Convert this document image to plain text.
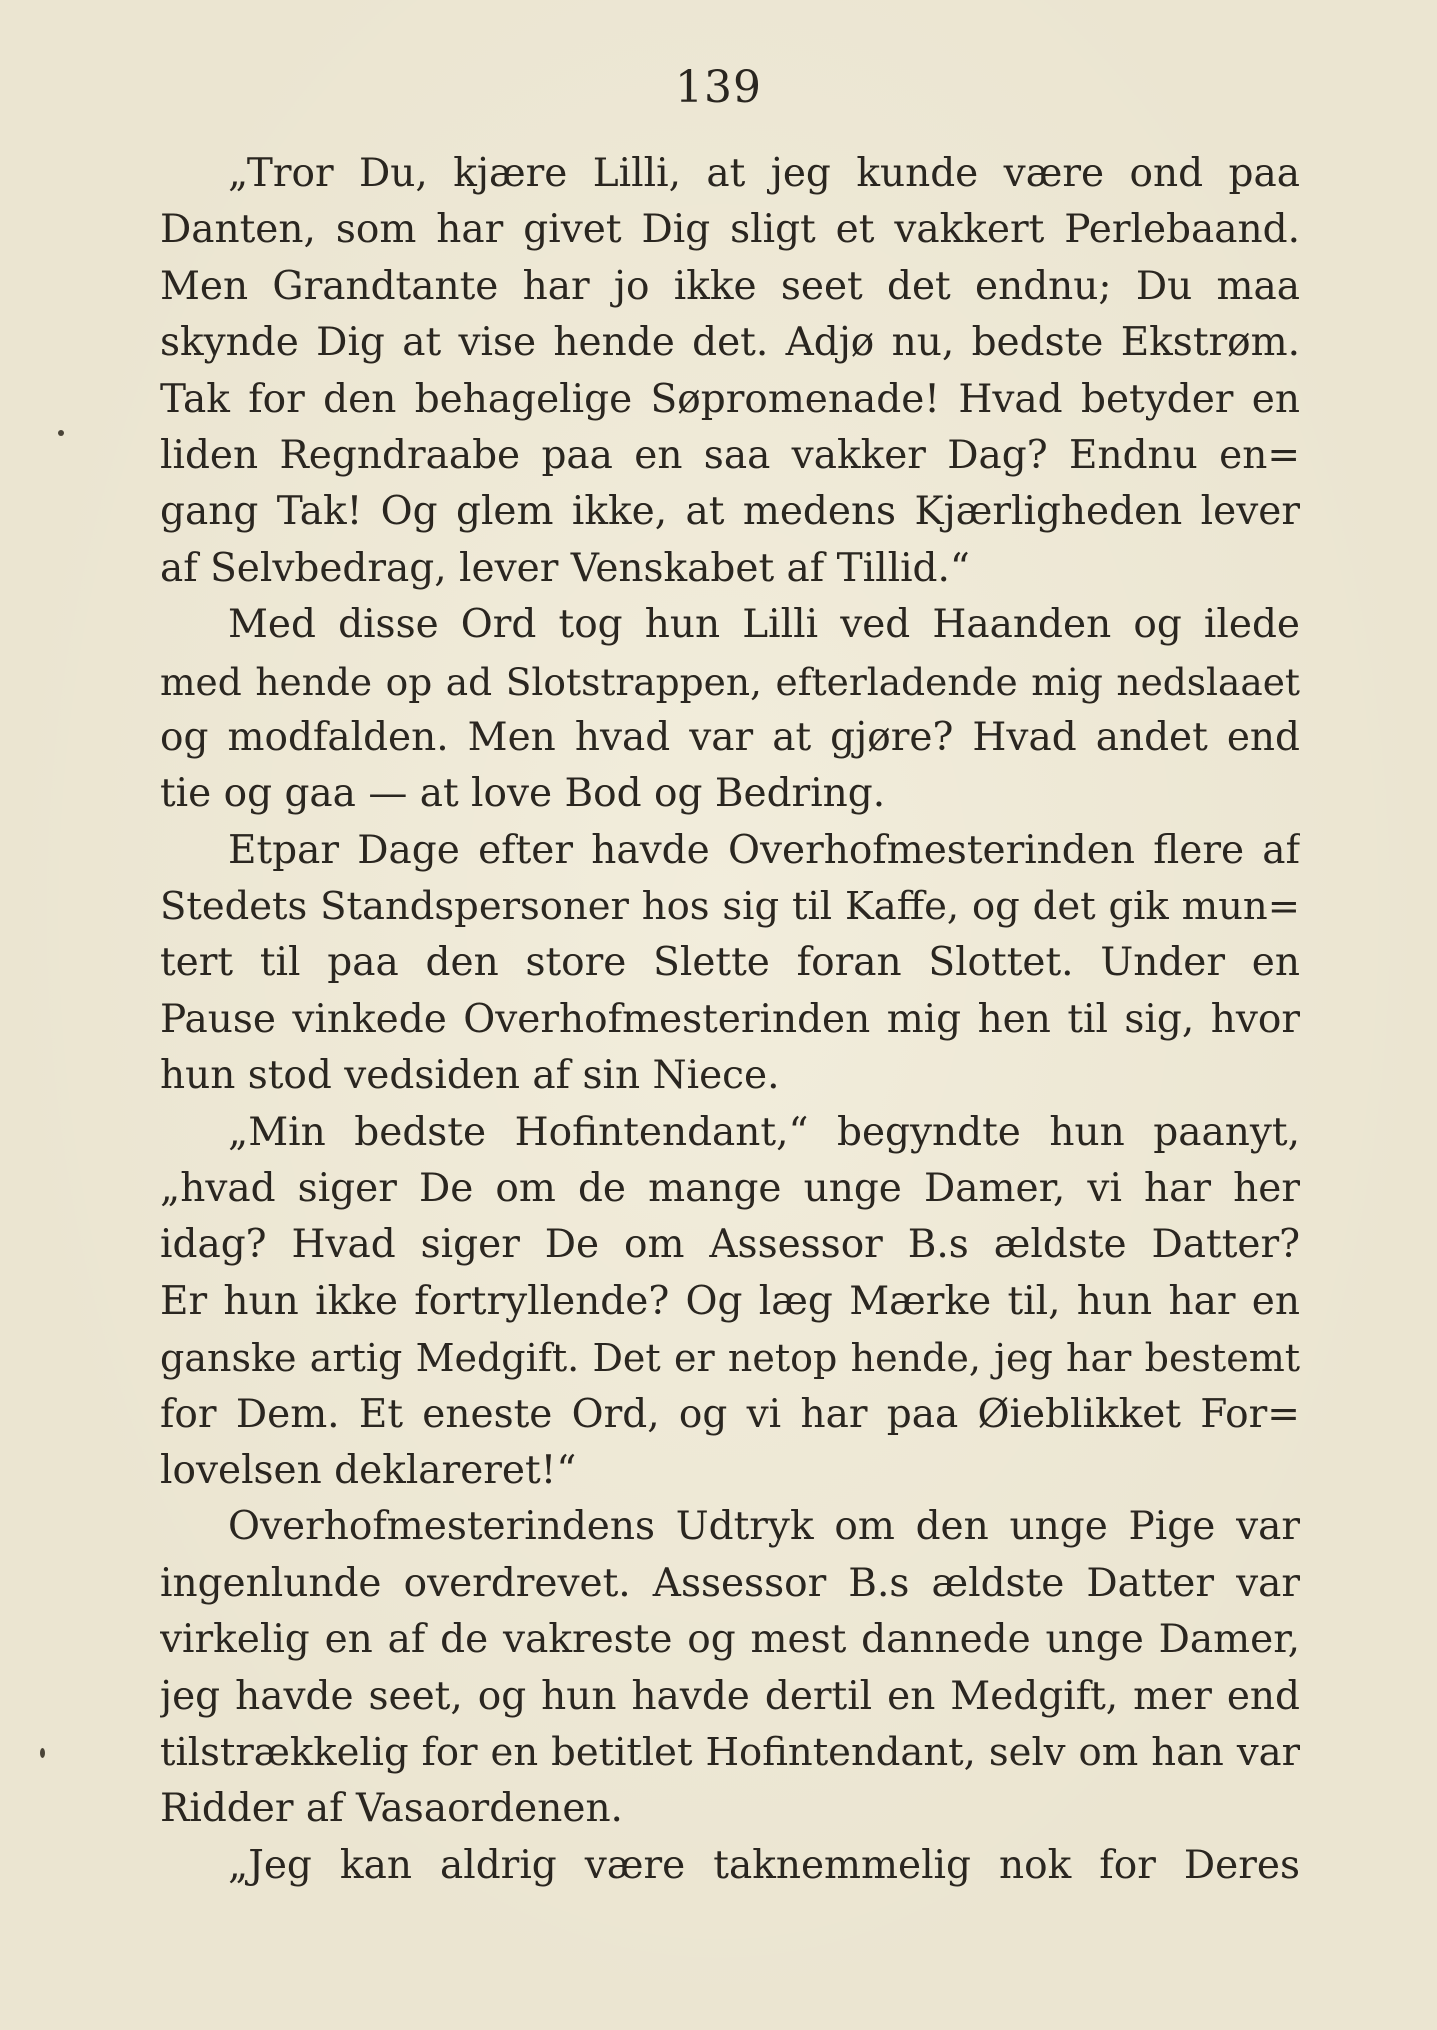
139
„Tror Du, kjære Lilli, at jeg kunde være ond paa
Danten, som har givet Dig sligt et vakkert Perlebaand.
Men Grandtante har jo ikke seet det endnu; Du maa
skynde Dig at vise hende det. Adjø nu, bedste Ekstrøm.
Tak for den behagelige Søpromenade! Hvad betyder en
liden Regndraabe paa en saa vakker Dag? Endnu en=
gang Tak! Og glem ikke, at medens Kjærligheden lever
af Selvbedrag, lever Venskabet af Tillid.“
Med disse Ord tog hun Lilli ved Haanden og ilede
med hende op ad Slotstrappen, efterladende mig nedslaaet
og modfalden. Men hvad var at gjøre? Hvad andet end
tie og gaa — at love Bod og Bedring.
Etpar Dage efter havde Overhofmesterinden flere af
Stedets Standspersoner hos sig til Kaffe, og det gik mun=
tert til paa den store Slette foran Slottet. Under en
Pause vinkede Overhofmesterinden mig hen til sig, hvor
hun stod vedsiden af sin Niece.
„Min bedste Hofintendant,“ begyndte hun paanyt,
„hvad siger De om de mange unge Damer, vi har her
idag? Hvad siger De om Assessor B.s ældste Datter?
Er hun ikke fortryllende? Og læg Mærke til, hun har en
ganske artig Medgift. Det er netop hende, jeg har bestemt
for Dem. Et eneste Ord, og vi har paa Øieblikket For=
lovelsen deklareret!“
Overhofmesterindens Udtryk om den unge Pige var
ingenlunde overdrevet. Assessor B.s ældste Datter var
virkelig en af de vakreste og mest dannede unge Damer,
jeg havde seet, og hun havde dertil en Medgift, mer end
tilstrækkelig for en betitlet Hofintendant, selv om han var
Ridder af Vasaordenen.
„Jeg kan aldrig være taknemmelig nok for Deres
